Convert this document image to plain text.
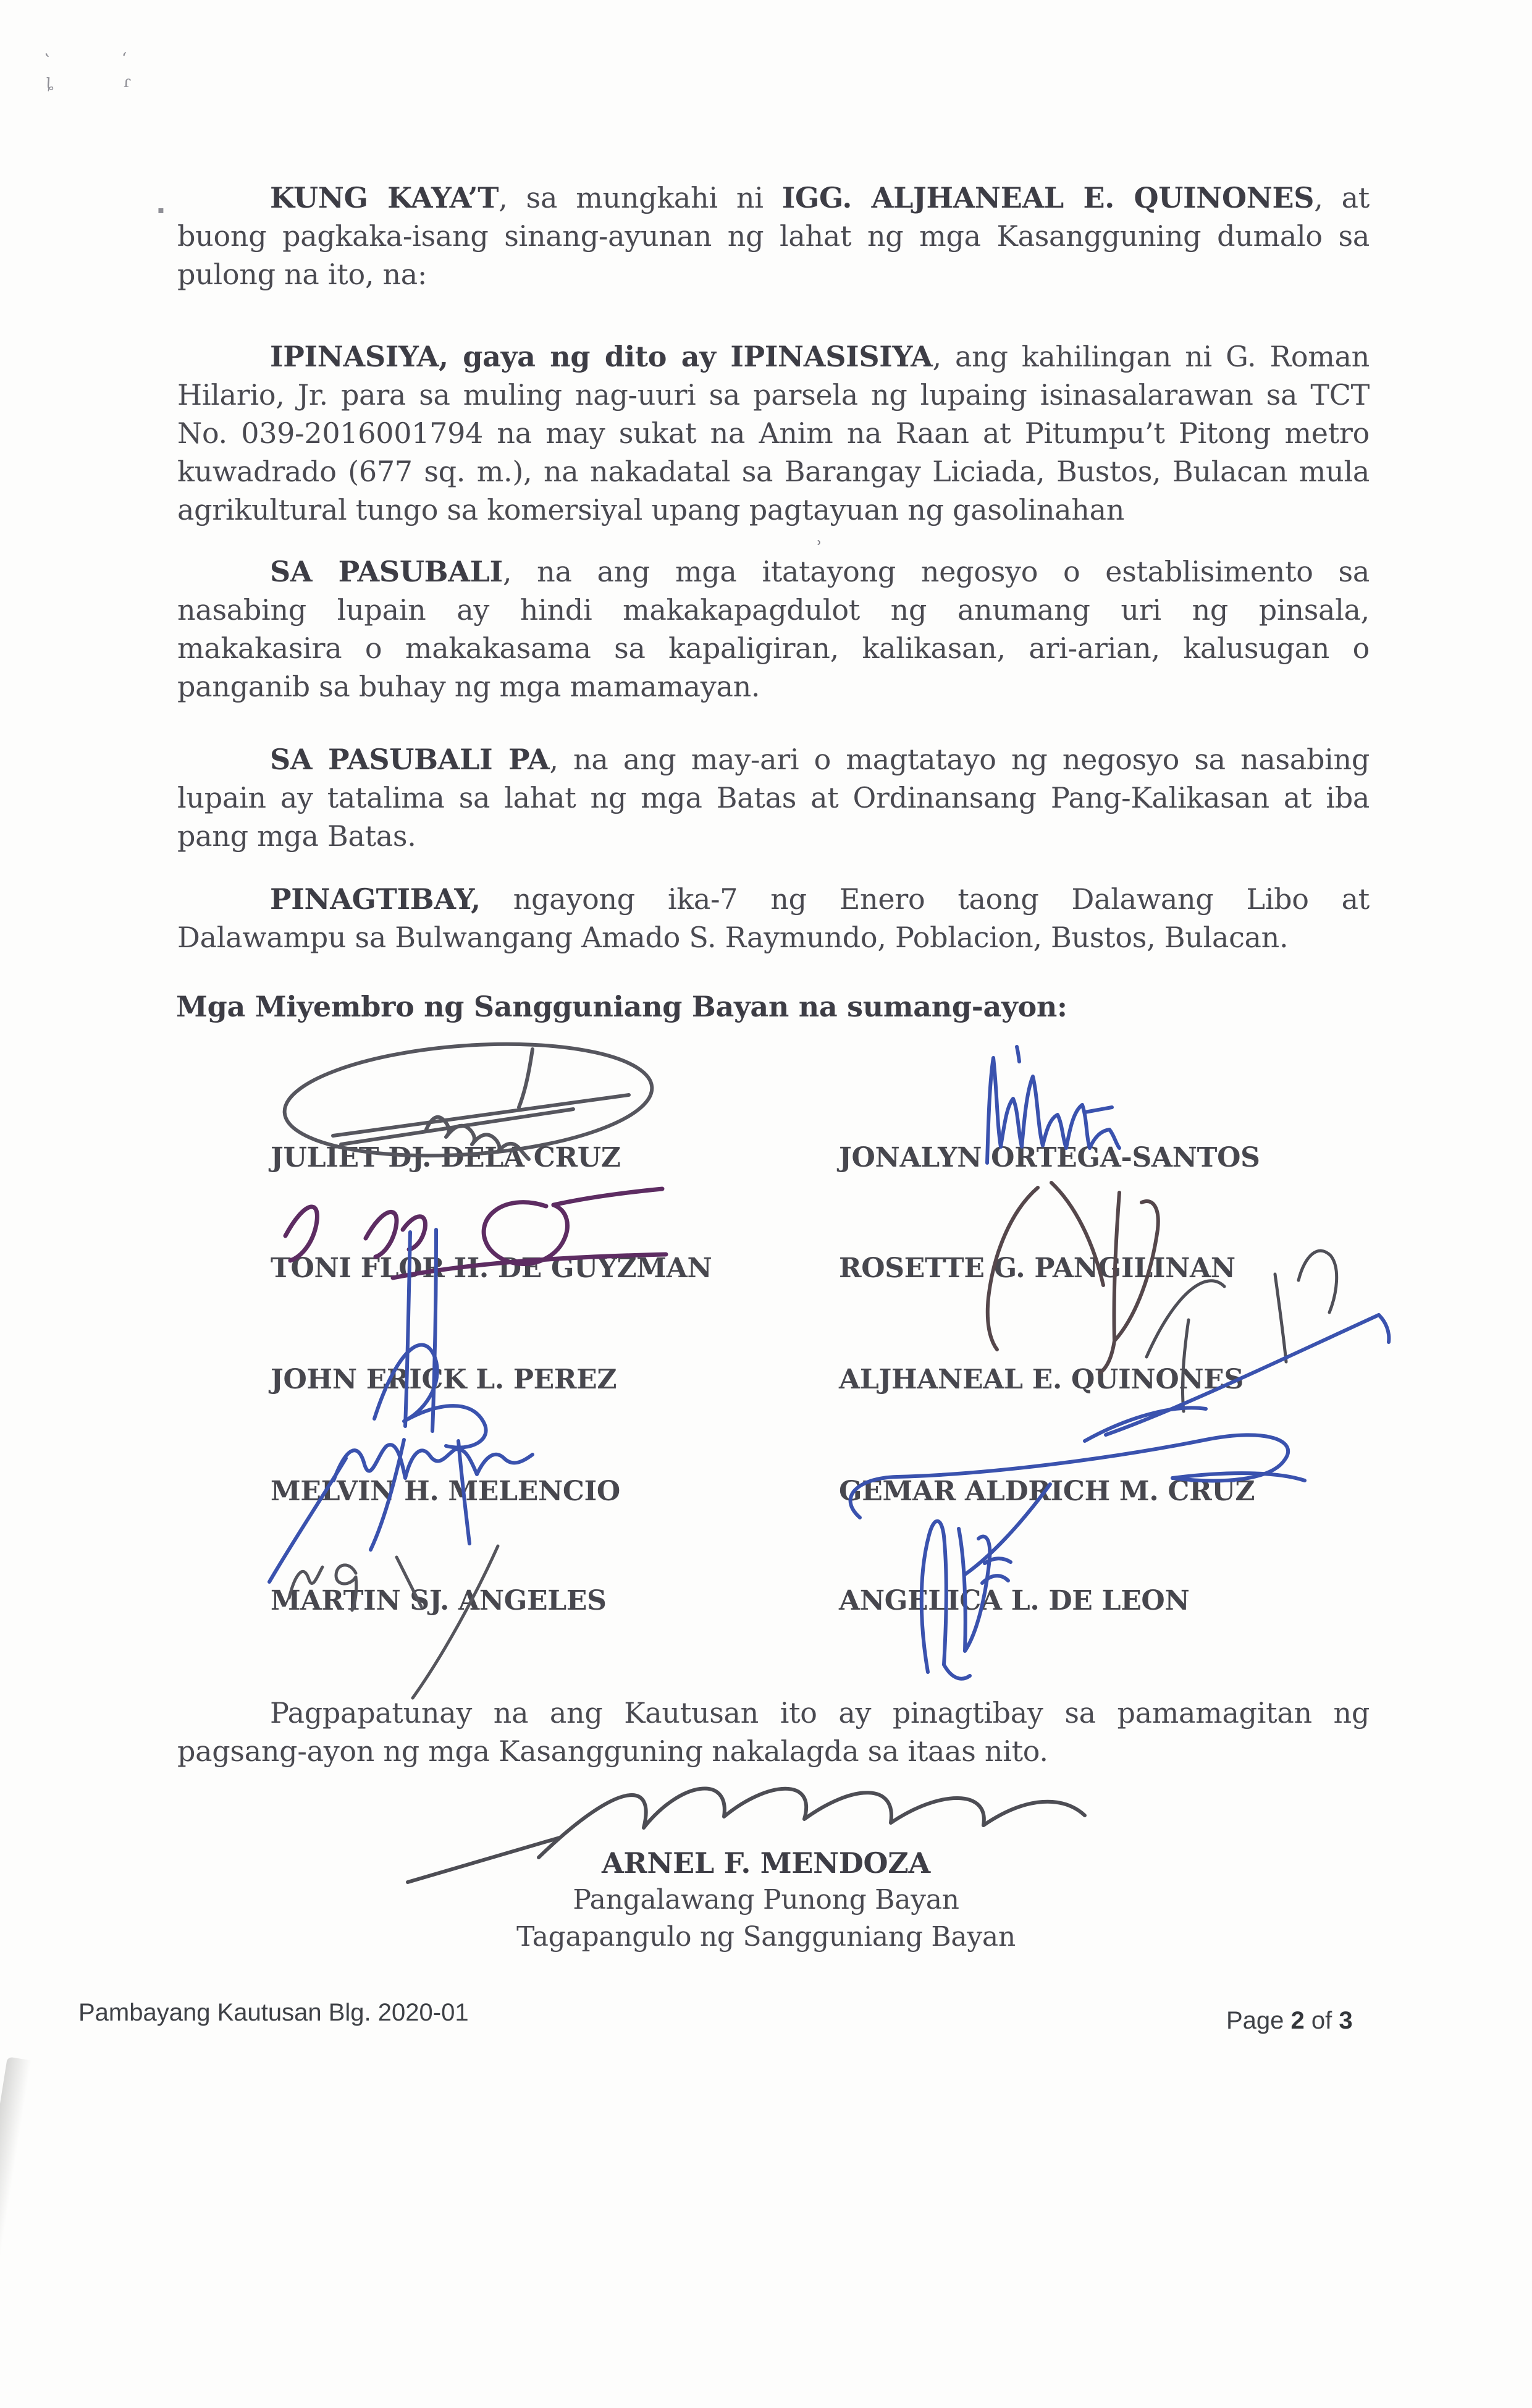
‛	ʻ
ȴ	ɾ
▪
ʾ
KUNG KAYA’T, sa mungkahi ni IGG. ALJHANEAL E. QUINONES, at
buong pagkaka-isang sinang-ayunan ng lahat ng mga Kasangguning dumalo sa
pulong na ito, na:
IPINASIYA, gaya ng dito ay IPINASISIYA, ang kahilingan ni G. Roman
Hilario, Jr. para sa muling nag-uuri sa parsela ng lupaing isinasalarawan sa TCT
No. 039-2016001794 na may sukat na Anim na Raan at Pitumpu’t Pitong metro
kuwadrado (677 sq. m.), na nakadatal sa Barangay Liciada, Bustos, Bulacan mula
agrikultural tungo sa komersiyal upang pagtayuan ng gasolinahan
SA PASUBALI, na ang mga itatayong negosyo o establisimento sa
nasabing lupain ay hindi makakapagdulot ng anumang uri ng pinsala,
makakasira o makakasama sa kapaligiran, kalikasan, ari-arian, kalusugan o
panganib sa buhay ng mga mamamayan.
SA PASUBALI PA, na ang may-ari o magtatayo ng negosyo sa nasabing
lupain ay tatalima sa lahat ng mga Batas at Ordinansang Pang-Kalikasan at iba
pang mga Batas.
PINAGTIBAY, ngayong ika-7 ng Enero taong Dalawang Libo at
Dalawampu sa Bulwangang Amado S. Raymundo, Poblacion, Bustos, Bulacan.
Mga Miyembro ng Sangguniang Bayan na sumang-ayon:
JULIET DJ. DELA CRUZ	JONALYN ORTEGA-SANTOS
TONI FLOR H. DE GUYZMAN	ROSETTE G. PANGILINAN
JOHN ERICK L. PEREZ	ALJHANEAL E. QUINONES
MELVIN H. MELENCIO	GEMAR ALDRICH M. CRUZ
MARTIN SJ. ANGELES	ANGELICA L. DE LEON
Pagpapatunay na ang Kautusan ito ay pinagtibay sa pamamagitan ng
pagsang-ayon ng mga Kasangguning nakalagda sa itaas nito.
ARNEL F. MENDOZA
Pangalawang Punong Bayan
Tagapangulo ng Sangguniang Bayan
Pambayang Kautusan Blg. 2020-01	Page 2 of 3
